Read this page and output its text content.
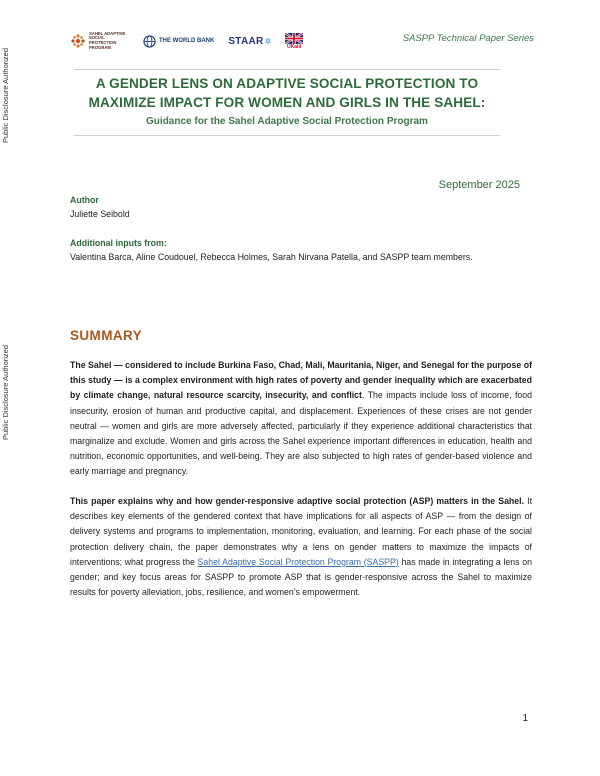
Public Disclosure Authorized
Public Disclosure Authorized
SAHEL ADAPTIVE SOCIAL PROTECTION PROGRAM
THE WORLD BANK STAAR ✲
UKaid
SASPP Technical Paper Series
A GENDER LENS ON ADAPTIVE SOCIAL PROTECTION TO
MAXIMIZE IMPACT FOR WOMEN AND GIRLS IN THE SAHEL:
Guidance for the Sahel Adaptive Social Protection Program
September 2025
Author
Juliette Seibold
Additional inputs from:
Valentina Barca, Aline Coudouel, Rebecca Holmes, Sarah Nirvana Patella, and SASPP team members.
SUMMARY

The Sahel — considered to include Burkina Faso, Chad, Mali, Mauritania, Niger, and Senegal for the purpose of this study — is a complex environment with high rates of poverty and gender inequality which are exacerbated by climate change, natural resource scarcity, insecurity, and conflict. The impacts include loss of income, food insecurity, erosion of human and productive capital, and displacement. Experiences of these crises are not gender neutral — women and girls are more adversely affected, particularly if they experience additional characteristics that marginalize and exclude. Women and girls across the Sahel experience important differences in education, health and nutrition, economic opportunities, and well-being. They are also subjected to high rates of gender-based violence and early marriage and pregnancy.

This paper explains why and how gender-responsive adaptive social protection (ASP) matters in the Sahel. It describes key elements of the gendered context that have implications for all aspects of ASP — from the design of delivery systems and programs to implementation, monitoring, evaluation, and learning. For each phase of the social protection delivery chain, the paper demonstrates why a lens on gender matters to maximize the impacts of interventions; what progress the Sahel Adaptive Social Protection Program (SASPP) has made in integrating a lens on gender; and key focus areas for SASPP to promote ASP that is gender-responsive across the Sahel to maximize results for poverty alleviation, jobs, resilience, and women’s empowerment.

1
